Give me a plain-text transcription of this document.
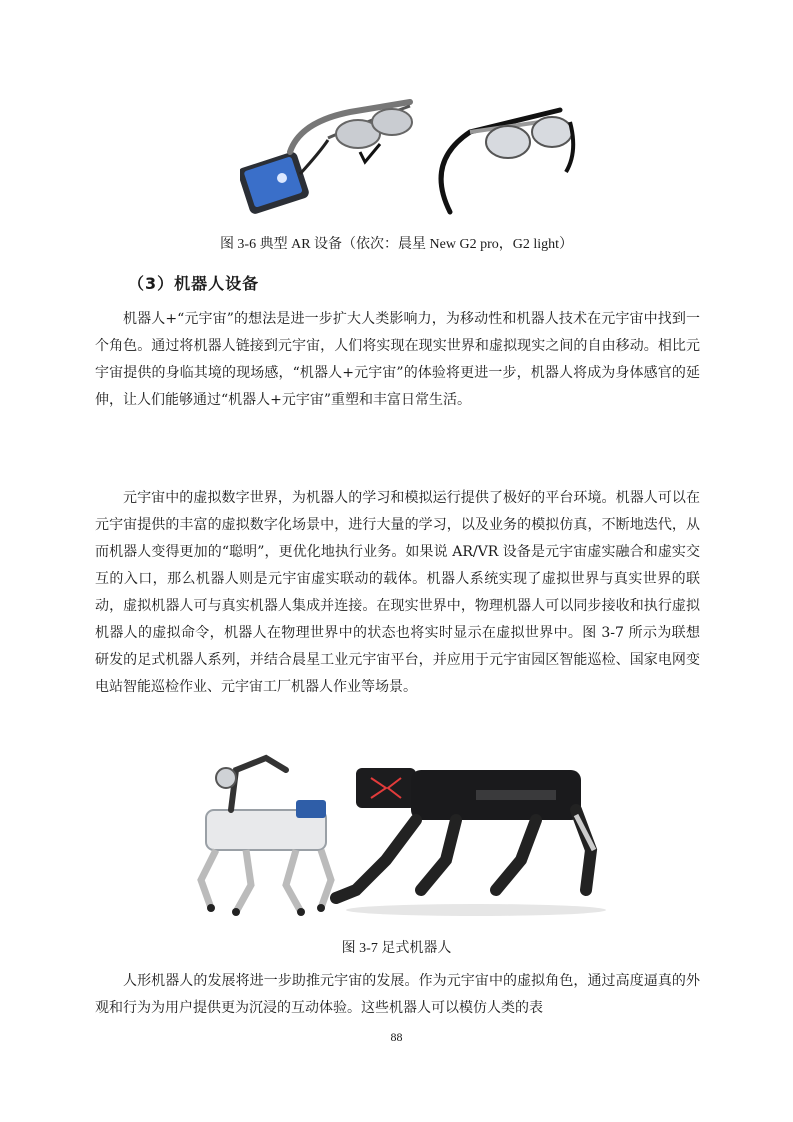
图 3-6 典型 AR 设备（依次：晨星 New G2 pro，G2 light）
（3）机器人设备

机器人+“元宇宙”的想法是进一步扩大人类影响力，为移动性和机器人技术在元宇宙中找到一个角色。通过将机器人链接到元宇宙，人们将实现在现实世界和虚拟现实之间的自由移动。相比元宇宙提供的身临其境的现场感，“机器人+元宇宙”的体验将更进一步，机器人将成为身体感官的延伸，让人们能够通过“机器人+元宇宙”重塑和丰富日常生活。

元宇宙中的虚拟数字世界，为机器人的学习和模拟运行提供了极好的平台环境。机器人可以在元宇宙提供的丰富的虚拟数字化场景中，进行大量的学习，以及业务的模拟仿真，不断地迭代，从而机器人变得更加的“聪明”，更优化地执行业务。如果说 AR/VR 设备是元宇宙虚实融合和虚实交互的入口，那么机器人则是元宇宙虚实联动的载体。机器人系统实现了虚拟世界与真实世界的联动，虚拟机器人可与真实机器人集成并连接。在现实世界中，物理机器人可以同步接收和执行虚拟机器人的虚拟命令，机器人在物理世界中的状态也将实时显示在虚拟世界中。图 3-7 所示为联想研发的足式机器人系列，并结合晨星工业元宇宙平台，并应用于元宇宙园区智能巡检、国家电网变电站智能巡检作业、元宇宙工厂机器人作业等场景。

图 3-7 足式机器人

人形机器人的发展将进一步助推元宇宙的发展。作为元宇宙中的虚拟角色，通过高度逼真的外观和行为为用户提供更为沉浸的互动体验。这些机器人可以模仿人类的表

88
